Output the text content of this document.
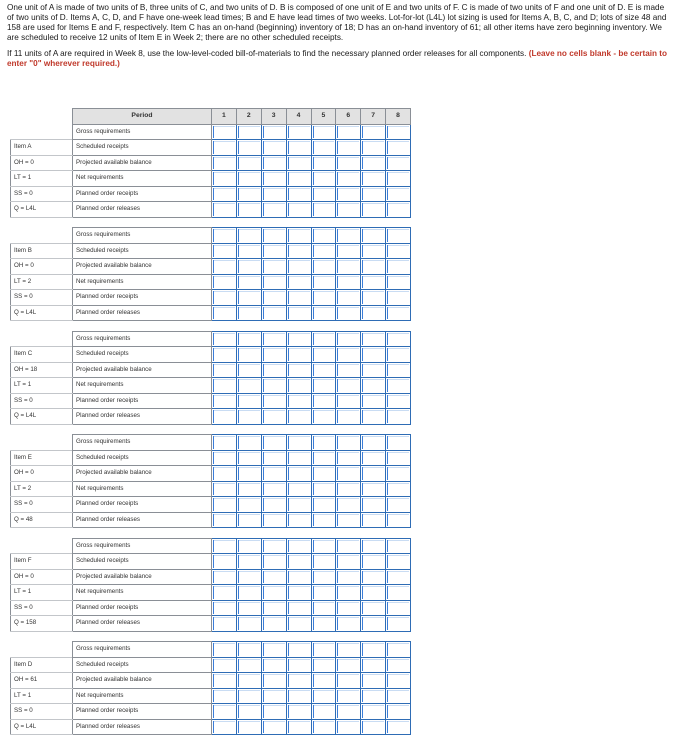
One unit of A is made of two units of B, three units of C, and two units of D. B is composed of one unit of E and two units of F. C is made of two units of F and one unit of D. E is made of two units of D. Items A, C, D, and F have one-week lead times; B and E have lead times of two weeks. Lot-for-lot (L4L) lot sizing is used for Items A, B, C, and D; lots of size 48 and 158 are used for Items E and F, respectively. Item C has an on-hand (beginning) inventory of 18; D has an on-hand inventory of 61; all other items have zero beginning inventory. We are scheduled to receive 12 units of Item E in Week 2; there are no other scheduled receipts.

If 11 units of A are required in Week 8, use the low-level-coded bill-of-materials to find the necessary planned order releases for all components. (Leave no cells blank - be certain to enter "0" wherever required.)

	Period	1	2	3	4	5	6	7	8
	Gross requirements	

Item A	Scheduled receipts	

OH = 0	Projected available balance	

LT = 1	Net requirements	

SS = 0	Planned order receipts	

Q = L4L	Planned order releases	

	Gross requirements	

Item B	Scheduled receipts	

OH = 0	Projected available balance	

LT = 2	Net requirements	

SS = 0	Planned order receipts	

Q = L4L	Planned order releases	

	Gross requirements	

Item C	Scheduled receipts	

OH = 18	Projected available balance	

LT = 1	Net requirements	

SS = 0	Planned order receipts	

Q = L4L	Planned order releases	

	Gross requirements	

Item E	Scheduled receipts	

OH = 0	Projected available balance	

LT = 2	Net requirements	

SS = 0	Planned order receipts	

Q = 48	Planned order releases	

	Gross requirements	

Item F	Scheduled receipts	

OH = 0	Projected available balance	

LT = 1	Net requirements	

SS = 0	Planned order receipts	

Q = 158	Planned order releases	

	Gross requirements	

Item D	Scheduled receipts	

OH = 61	Projected available balance	

LT = 1	Net requirements	

SS = 0	Planned order receipts	

Q = L4L	Planned order releases	
